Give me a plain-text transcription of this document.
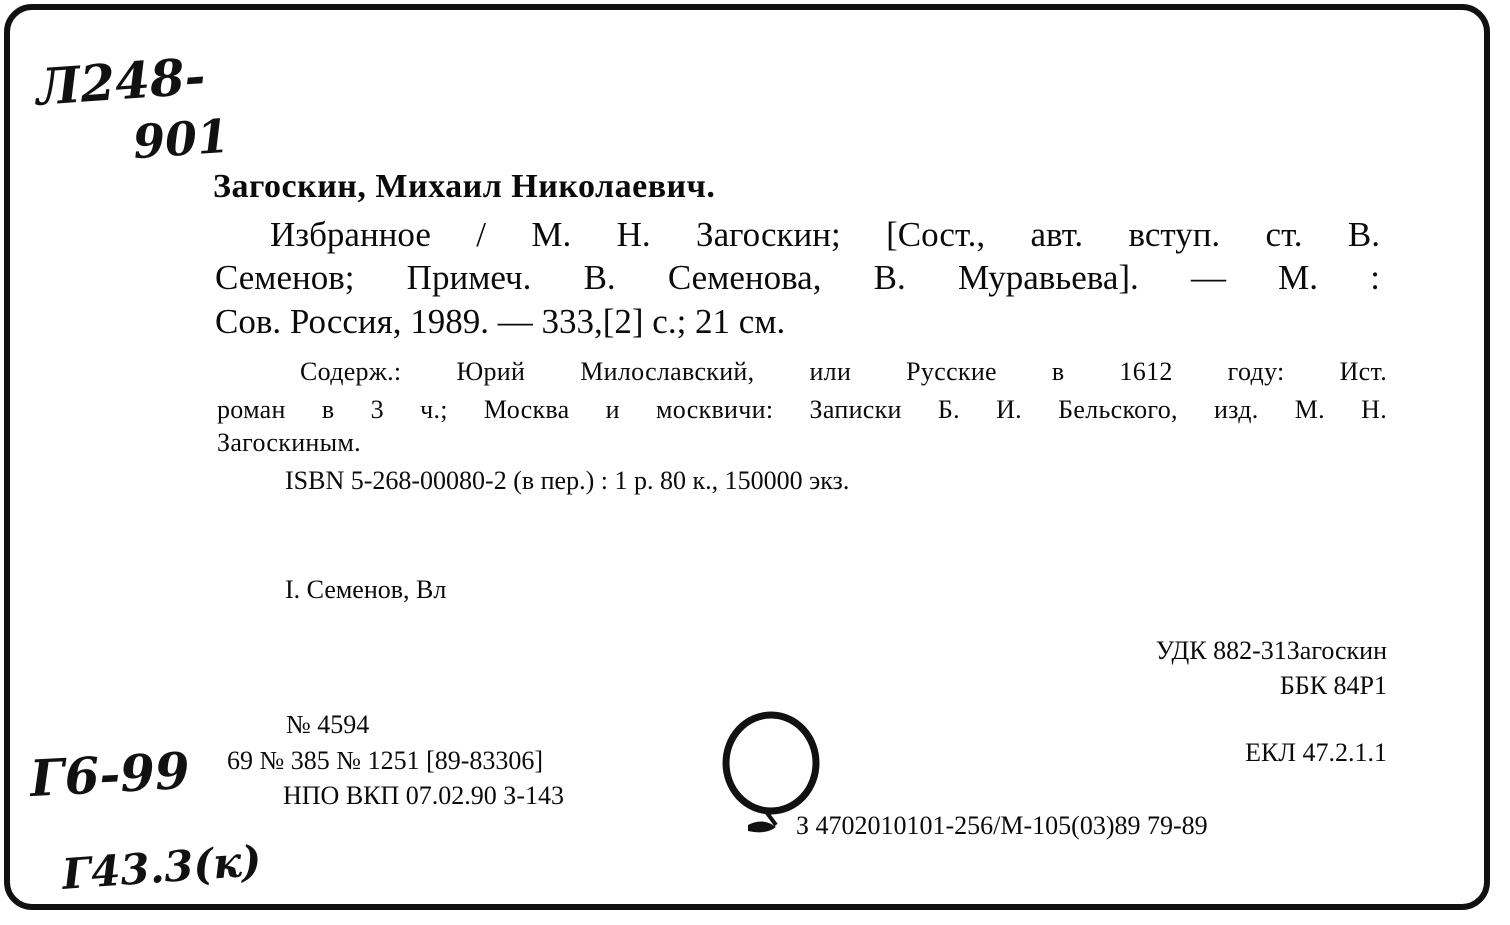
Л248-
901
Г6-99
Г43.3(к)
Загоскин, Михаил Николаевич.
Избранное / М. Н. Загоскин; [Сост., авт. вступ. ст. В.
Семенов; Примеч. В. Семенова, В. Муравьева]. — М. :
Сов. Россия, 1989. — 333,[2] с.; 21 см.
Содерж.: Юрий Милославский, или Русские в 1612 году: Ист.
роман в 3 ч.; Москва и москвичи: Записки Б. И. Бельского, изд. М. Н.
Загоскиным.
ISBN 5-268-00080-2 (в пер.) : 1 р. 80 к., 150000 экз.
I. Семенов, Вл
УДК 882-31Загоскин
ББК 84Р1
ЕКЛ 47.2.1.1
№ 4594
69 № 385 № 1251 [89-83306]
НПО ВКП 07.02.90 З-143
З 4702010101-256/М-105(03)89 79-89
